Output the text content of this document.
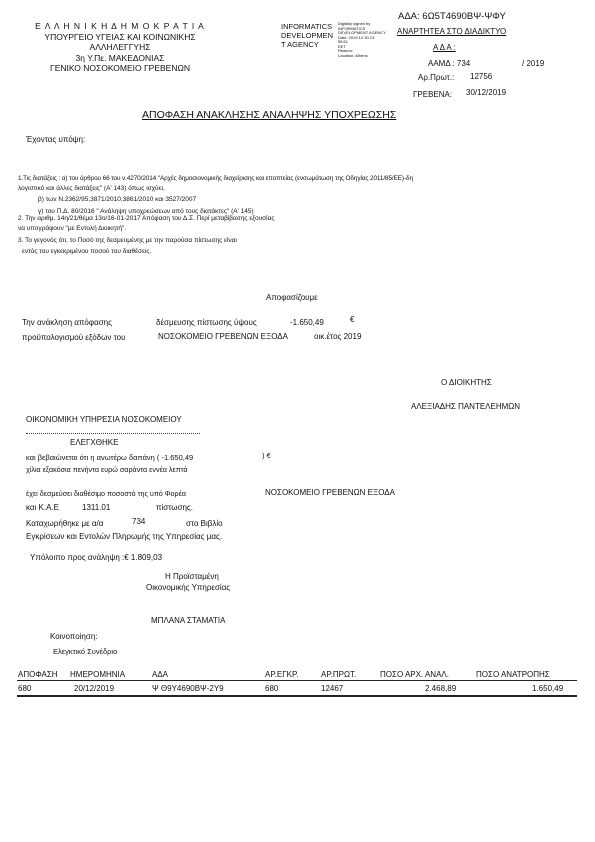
Ε Λ Λ Η Ν Ι Κ Η Δ Η Μ Ο Κ Ρ Α Τ Ι Α
ΥΠΟΥΡΓΕΙΟ ΥΓΕΙΑΣ ΚΑΙ ΚΟΙΝΩΝΙΚΗΣ
ΑΛΛΗΛΕΓΓΥΗΣ
3η Υ.Πε. ΜΑΚΕΔΟΝΙΑΣ
ΓΕΝΙΚΟ ΝΟΣΟΚΟΜΕΙΟ ΓΡΕΒΕΝΩΝ
INFORMATICS
DEVELOPMEN
T AGENCY
Digitally signed by
INFORMATICS
DEVELOPMENT AGENCY
Date: 2019.12.30 13:
55:51
EET
Reason:
Location: Athens
ΑΔΑ: 6Ω5Τ4690ΒΨ-ΨΦΥ
ΑΝΑΡΤΗΤΕΑ ΣΤΟ ΔΙΑΔΙΚΤΥΟ
Α Δ Α :
ΑΑΜΔ : 734	/ 2019
Αρ.Πρωτ.: 12756
ΓΡΕΒΕΝΑ: 30/12/2019
ΑΠΟΦΑΣΗ ΑΝΑΚΛΗΣΗΣ ΑΝΑΛΗΨΗΣ ΥΠΟΧΡΕΩΣΗΣ
Έχοντας υπόψη:
1.Τις διατάξεις : α) του άρθρου 66 του ν.4270/2014 "Αρχές δημοσιονομικής διαχείρισης και εποπτείας (ενσωμάτωση της Οδηγίας 2011/85/ΕΕ)-δη
λογιστικό και άλλες διατάξεις" (Α' 143) όπως ισχύει,
β) των Ν.2362/95,3871/2010,3861/2010 και 3527/2007
γ) του Π.Δ. 80/2016 " Ανάληψη υποχρεώσεων από τους διατάκτες" (Α' 145)
2. Την αριθμ. 14η/21/θέμα 13ο/16-01-2017 Απόφαση του Δ.Σ. Περί μεταβίβασης εξουσίας
να υπογράφουν "με Εντολή Διοικητή".
3. Το γεγονός ότι, το Ποσό της δεσμευμένης με την παρούσα πίστωσης είναι
εντός του εγκεκριμένου ποσού του διαθέσεις.
Αποφασίζουμε
Την ανάκληση απόφασης	δέσμευσης πίστωσης ύψους	-1.650,49	€
προϋπολογισμού εξόδων του	ΝΟΣΟΚΟΜΕΙΟ ΓΡΕΒΕΝΩΝ ΕΞΟΔΑ	οικ.έτος 2019
Ο ΔΙΟΙΚΗΤΗΣ
ΑΛΕΞΙΑΔΗΣ ΠΑΝΤΕΛΕΗΜΩΝ
ΟΙΚΟΝΟΜΙΚΗ ΥΠΗΡΕΣΙΑ ΝΟΣΟΚΟΜΕΙΟΥ
ΕΛΕΓΧΘΗΚΕ
και βεβαιώνεται ότι η ανωτέρω δαπάνη ( -1.650,49	) €
χίλια εξακόσια πενήντα ευρώ σαράντα εννέα λεπτά
έχει δεσμεύσει διαθέσιμο ποσοστό της υπό Φορέα	ΝΟΣΟΚΟΜΕΙΟ ΓΡΕΒΕΝΩΝ ΕΞΟΔΑ
και Κ.Α.Ε	1311.01	πίστωσης.
Καταχωρήθηκε με α/α	734	στο Βιβλίο
Εγκρίσεων και Εντολών Πληρωμής της Υπηρεσίας μας.
Υπόλοιπο προς ανάληψη :€ 1.809,03
Η Προϊσταμένη
Οικονομικής Υπηρεσίας
ΜΠΛΑΝΑ ΣΤΑΜΑΤΙΑ
Κοινοποίηση:
Ελεγκτικό Συνέδριο
ΑΠΟΦΑΣΗ ΗΜΕΡΟΜΗΝΙΑ	ΑΔΑ	ΑΡ.ΕΓΚΡ.	ΑΡ.ΠΡΩΤ.	ΠΟΣΟ ΑΡΧ. ΑΝΑΛ.	ΠΟΣΟ ΑΝΑΤΡΟΠΗΣ
680	20/12/2019	Ψ Θ9Υ4690ΒΨ-2Υ9	680	12467	2.468,89	1.650,49
